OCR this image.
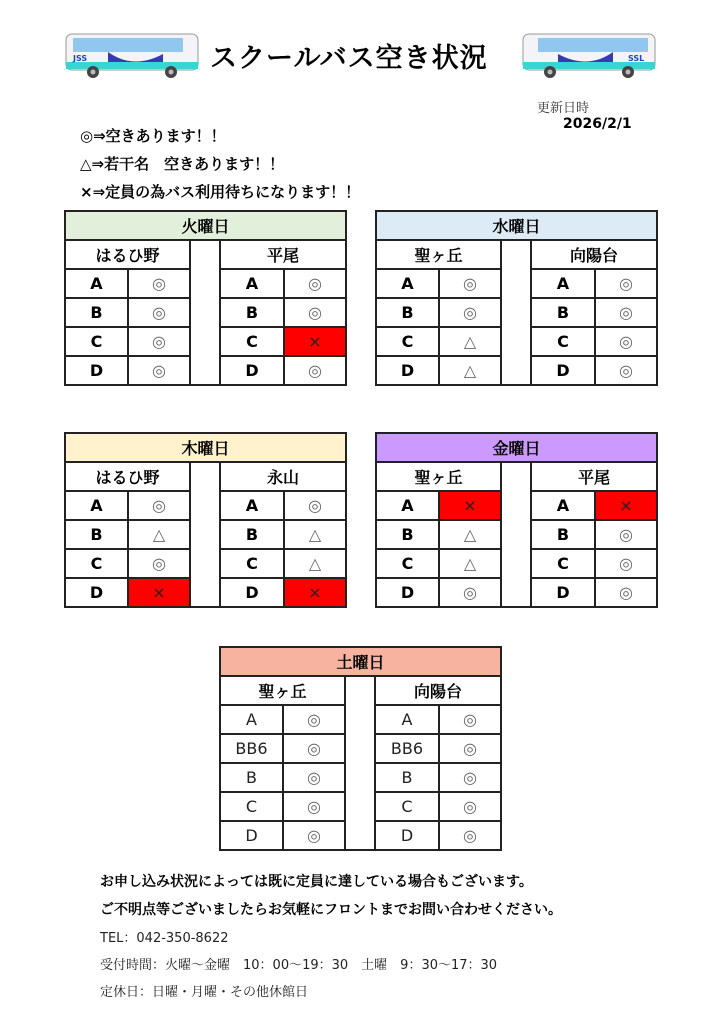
JSS	スクールバス空き状況	SSL
更新日時
2026/2/1
◎⇒空きあります！！
△⇒若干名　空きあります！！
×⇒定員の為バス利用待ちになります！！
火曜日				
はるひ野			平尾	
A	◎		A	◎
B	◎		B	◎
C	◎		C	×
D	◎		D	◎
水曜日				
聖ヶ丘			向陽台	
A	◎		A	◎
B	◎		B	◎
C	△		C	◎
D	△		D	◎
木曜日				
はるひ野			永山	
A	◎		A	◎
B	△		B	△
C	◎		C	△
D	×		D	×
金曜日				
聖ヶ丘			平尾	
A	×		A	×
B	△		B	◎
C	△		C	◎
D	◎		D	◎
土曜日				
聖ヶ丘			向陽台	
A	◎		A	◎
BB6	◎		BB6	◎
B	◎		B	◎
C	◎		C	◎
D	◎		D	◎
お申し込み状況によっては既に定員に達している場合もございます。
ご不明点等ございましたらお気軽にフロントまでお問い合わせください。
TEL：042-350-8622
受付時間：火曜〜金曜　10：00〜19：30　土曜　9：30〜17：30
定休日：日曜・月曜・その他休館日
